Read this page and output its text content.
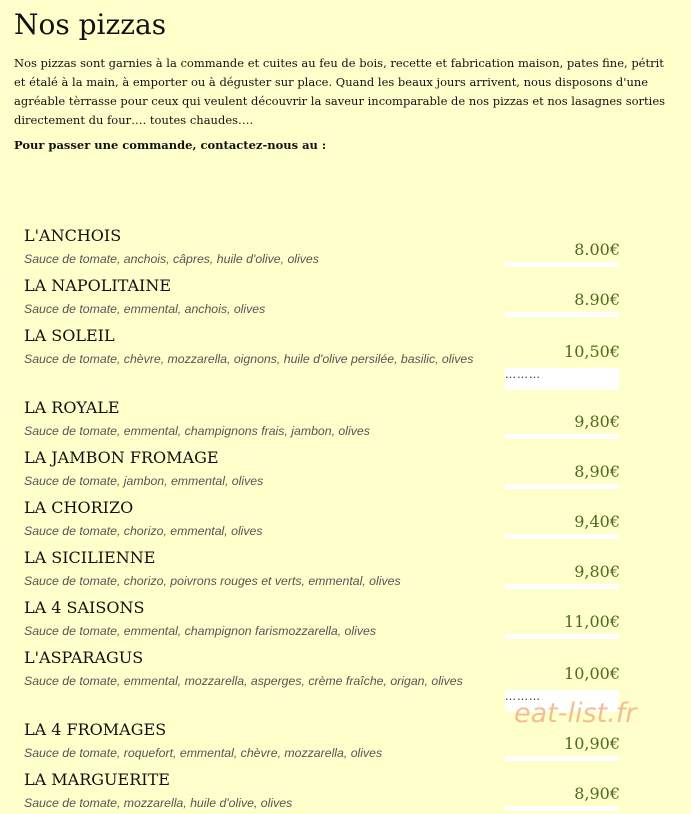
Nos pizzas

Nos pizzas sont garnies à la commande et cuites au feu de bois, recette et fabrication maison, pates fine, pétrit et étalé à la main, à emporter ou à déguster sur place. Quand les beaux jours arrivent, nous disposons d'une agréable tèrrasse pour ceux qui veulent découvrir la saveur incomparable de nos pizzas et nos lasagnes sorties directement du four…. toutes chaudes….

Pour passer une commande, contactez-nous au :

L'ANCHOIS
Sauce de tomate, anchois, câpres, huile d'olive, olives	8.00€
LA NAPOLITAINE
Sauce de tomate, emmental, anchois, olives	8.90€
LA SOLEIL
Sauce de tomate, chèvre, mozzarella, oignons, huile d'olive persilée, basilic, olives	10,50€
………
LA ROYALE
Sauce de tomate, emmental, champignons frais, jambon, olives	9,80€
LA JAMBON FROMAGE
Sauce de tomate, jambon, emmental, olives	8,90€
LA CHORIZO
Sauce de tomate, chorizo, emmental, olives	9,40€
LA SICILIENNE
Sauce de tomate, chorizo, poivrons rouges et verts, emmental, olives	9,80€
LA 4 SAISONS
Sauce de tomate, emmental, champignon farismozzarella, olives	11,00€
L'ASPARAGUS
Sauce de tomate, emmental, mozzarella, asperges, crème fraîche, origan, olives	10,00€
………
LA 4 FROMAGES
Sauce de tomate, roquefort, emmental, chèvre, mozzarella, olives	10,90€
LA MARGUERITE
Sauce de tomate, mozzarella, huile d'olive, olives	8,90€
eat-list.fr
